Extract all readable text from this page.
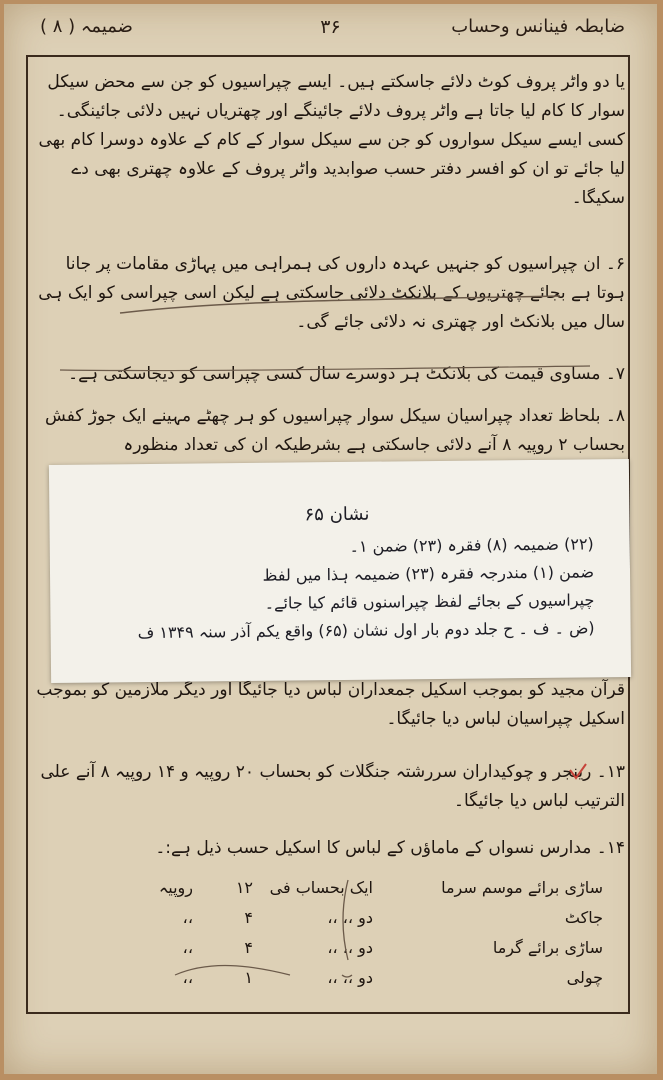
ضابطہ فینانس وحساب
۳۶
ضمیمہ ( ۸ )
یا دو واٹر پروف کوٹ دلائے جاسکتے ہیں۔ ایسے چپراسیوں کو جن سے محض سیکل سوار کا کام لیا جاتا ہے واٹر پروف دلائے جائینگے اور چھتریاں نہیں دلائی جائینگی۔ کسی ایسے سیکل سواروں کو جن سے سیکل سوار کے کام کے علاوہ دوسرا کام بھی لیا جائے تو ان کو افسر دفتر حسب صوابدید واٹر پروف کے علاوہ چھتری بھی دے سکیگا۔
۶۔ ان چپراسیوں کو جنہیں عہدہ داروں کی ہمراہی میں پہاڑی مقامات پر جانا ہوتا ہے بجائے چھتریوں کے بلانکٹ دلائی جاسکتی ہے لیکن اسی چپراسی کو ایک ہی سال میں بلانکٹ اور چھتری نہ دلائی جائے گی۔
۷۔ مساوی قیمت کی بلانکٹ ہر دوسرے سال کسی چپراسی کو دیجاسکتی ہے۔
۸۔ بلحاظ تعداد چپراسیان سیکل سوار چپراسیوں کو ہر چھٹے مہینے ایک جوڑ کفش بحساب ۲ روپیہ ۸ آنے دلائی جاسکتی ہے بشرطیکہ ان کی تعداد منظورہ
قرآن مجید کو بموجب اسکیل جمعداران لباس دیا جائیگا اور دیگر ملازمین کو بموجب اسکیل چپراسیان لباس دیا جائیگا۔
۱۳۔ رینجر و چوکیداران سررشتہ جنگلات کو بحساب ۲۰ روپیہ و ۱۴ روپیہ ۸ آنے علی الترتیب لباس دیا جائیگا۔
۱۴۔ مدارس نسواں کے ماماؤں کے لباس کا اسکیل حسب ذیل ہے:۔
نشان ۶۵
(۲۲) ضمیمہ (۸) فقرہ (۲۳) ضمن ۱۔
ضمن (۱) مندرجہ فقرہ (۲۳) ضمیمہ ہذا میں لفظ
چپراسیوں کے بجائے لفظ چپراسنوں قائم کیا جائے۔
(ض ۔ ف ۔ ح جلد دوم بار اول نشان (۶۵) واقع یکم آذر سنہ ۱۳۴۹ ف
ساڑی برائے موسم سرما
ایک بحساب فی
۱۲
روپیہ
جاکٹ
دو ،، ،،
۴
،،
ساڑی برائے گرما
دو ،، ،،
۴
،،
چولی
دو ،، ،،
۱
،،
